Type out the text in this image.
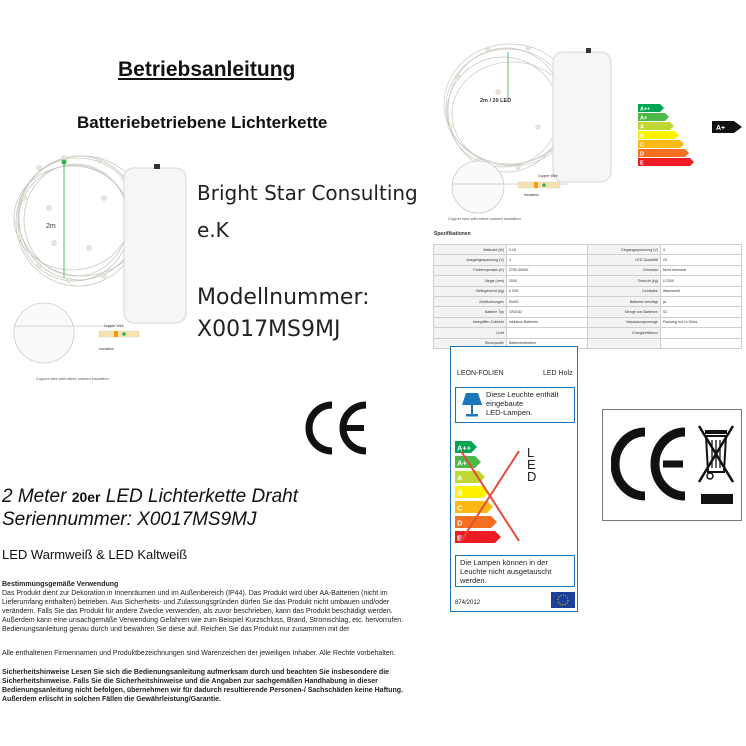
Betriebsanleitung
Batteriebetriebene Lichterkette
2m
Copper Wire
Insulation
Copper wire with silver-colored insulation
Bright Star Consulting
e.K
Modellnummer:
X0017MS9MJ
2 Meter 20er LED Lichterkette Draht
Seriennummer: X0017MS9MJ
LED Warmweiß & LED Kaltweiß
Bestimmungsgemäße Verwendung
Das Produkt dient zur Dekoration in Innenräumen und im Außenbereich (IP44). Das Produkt wird über AA-Batterien (nicht im
Lieferumfang enthalten) betrieben. Aus Sicherheits- und Zulassungsgründen dürfen Sie das Produkt nicht umbauen und/oder
verändern. Falls Sie das Produkt für andere Zwecke verwenden, als zuvor beschrieben, kann das Produkt beschädigt werden.
Außerdem kann eine unsachgemäße Verwendung Gefahren wie zum Beispiel Kurzschluss, Brand, Stromschlag, etc. hervorrufen.
Bedienungsanleitung genau durch und bewahren Sie diese auf. Reichen Sie das Produkt nur zusammen mit der
Alle enthaltenen Firmennamen und Produktbezeichnungen sind Warenzeichen der jeweiligen Inhaber. Alle Rechte vorbehalten.
Sicherheitshinweise Lesen Sie sich die Bedienungsanleitung aufmerksam durch und beachten Sie insbesondere die
Sicherheitshinweise. Falls Sie die Sicherheitshinweise und die Angaben zur sachgemäßen Handhabung in dieser
Bedienungsanleitung nicht befolgen, übernehmen wir für dadurch resultierende Personen-/ Sachschäden keine Haftung.
Außerdem erlischt in solchen Fällen die Gewährleistung/Garantie.
2m / 20 LED
Copper Wire
Insulation
Copper wire with silver-colored insulation
A++
A+
A
B
C
D
E
A+
Spezifikationen
Wattzahl (W)	0.15	Eingangsspannung (V)	4
Ausgangsspannung (V)	4	LED Quantität	20
Farbtemperatur (K)	2700-3000K	Dimmbar	Nicht dimmbar
Länge (mm)	2000	Gewicht (kg)	0.2300
Nettogewicht (kg)	0.208	Lichtfarbe	Warmweiß
Zertifizierungen	RoHS	Batterien benötigt	ja
Batterie Typ	CR2032	Menge von Batterien	S2
Inbegriffen Zubehör	Inklusive Batterien	Verpackungsmenge	Packung mit 1x Stück
Licht		Energieeffizienz	
Stromquelle	Batteriebetrieben		
LEON-FOLIEN	LED Holz
Diese Leuchte enthält
eingebaute
LED-Lampen.
A++
A+
A
B
C
D
E
L
E
D
Die Lampen können in der
Leuchte nicht ausgetauscht
werden.
874/2012
